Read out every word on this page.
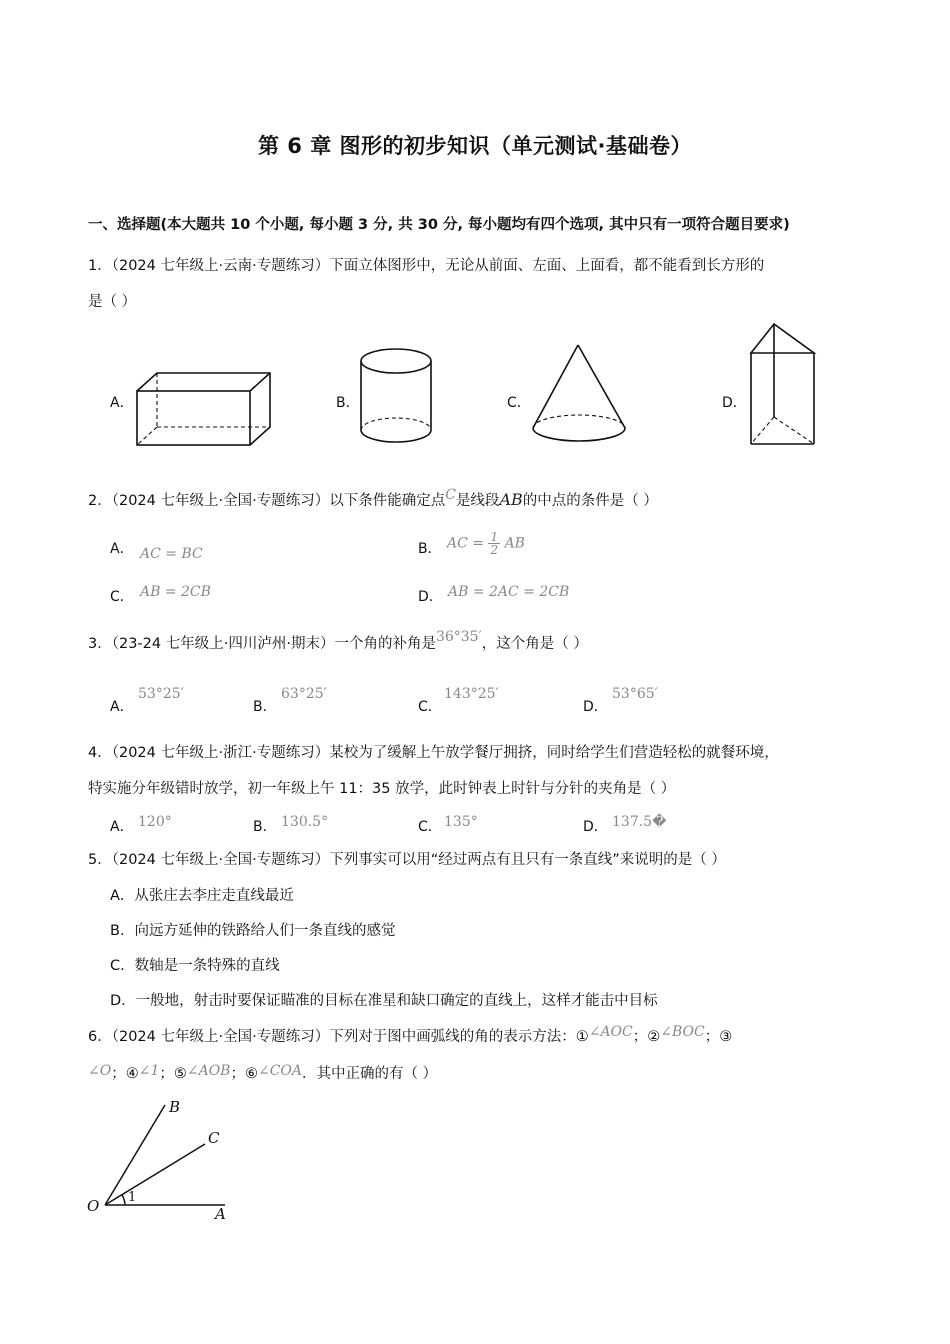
第 6 章 图形的初步知识（单元测试·基础卷）
一、选择题(本大题共 10 个小题, 每小题 3 分, 共 30 分, 每小题均有四个选项, 其中只有一项符合题目要求)
1．（2024 七年级上·云南·专题练习）下面立体图形中，无论从前面、左面、上面看，都不能看到长方形的
是（ ）
A．	B．	C．	D．
2．（2024 七年级上·全国·专题练习）以下条件能确定点C是线段AB的中点的条件是（ ）
A． AC = BC	B． AC = $\frac{1}{2}$ AB
C． AB = 2CB	D． AB = 2AC = 2CB
3．（23-24 七年级上·四川泸州·期末）一个角的补角是36°35′，这个角是（ ）
A．
53°25′
B．
63°25′
C．
143°25′
D．
53°65′
4．（2024 七年级上·浙江·专题练习）某校为了缓解上午放学餐厅拥挤，同时给学生们营造轻松的就餐环境，
特实施分年级错时放学，初一年级上午 11：35 放学，此时钟表上时针与分针的夹角是（ ）
A． 120°	B． 130.5°	C． 135°	D． 137.5�
5．（2024 七年级上·全国·专题练习）下列事实可以用“经过两点有且只有一条直线”来说明的是（ ）
A．从张庄去李庄走直线最近
B．向远方延伸的铁路给人们一条直线的感觉
C．数轴是一条特殊的直线
D．一般地，射击时要保证瞄准的目标在准星和缺口确定的直线上，这样才能击中目标
6．（2024 七年级上·全国·专题练习）下列对于图中画弧线的角的表示方法：①∠AOC；②∠BOC；③
∠O；④∠1；⑤∠AOB；⑥∠COA．其中正确的有（ ）
B
C
O	A
1
